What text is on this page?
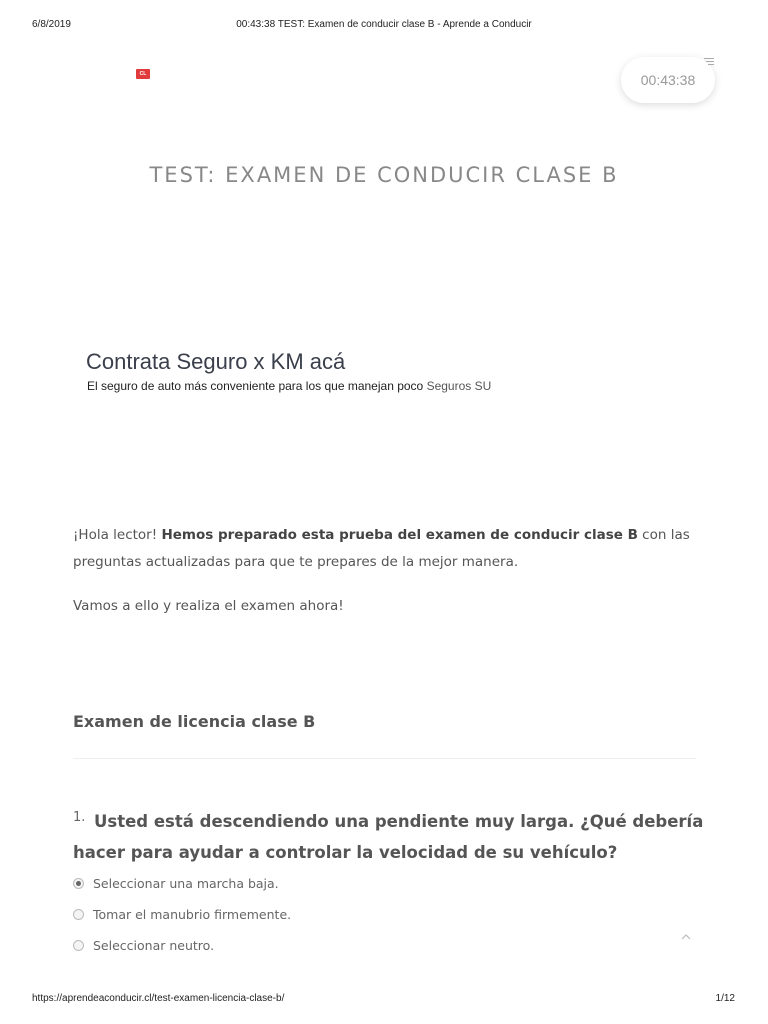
6/8/2019	00:43:38 TEST: Examen de conducir clase B - Aprende a Conducir
CL	00:43:38
TEST: EXAMEN DE CONDUCIR CLASE B
Contrata Seguro x KM acá
El seguro de auto más conveniente para los que manejan poco Seguros SU
¡Hola lector! Hemos preparado esta prueba del examen de conducir clase B con las preguntas actualizadas para que te prepares de la mejor manera.
Vamos a ello y realiza el examen ahora!
Examen de licencia clase B
1. Usted está descendiendo una pendiente muy larga. ¿Qué debería hacer para ayudar a controlar la velocidad de su vehículo?
Seleccionar una marcha baja.
Tomar el manubrio firmemente.
Seleccionar neutro.
https://aprendeaconducir.cl/test-examen-licencia-clase-b/	1/12
